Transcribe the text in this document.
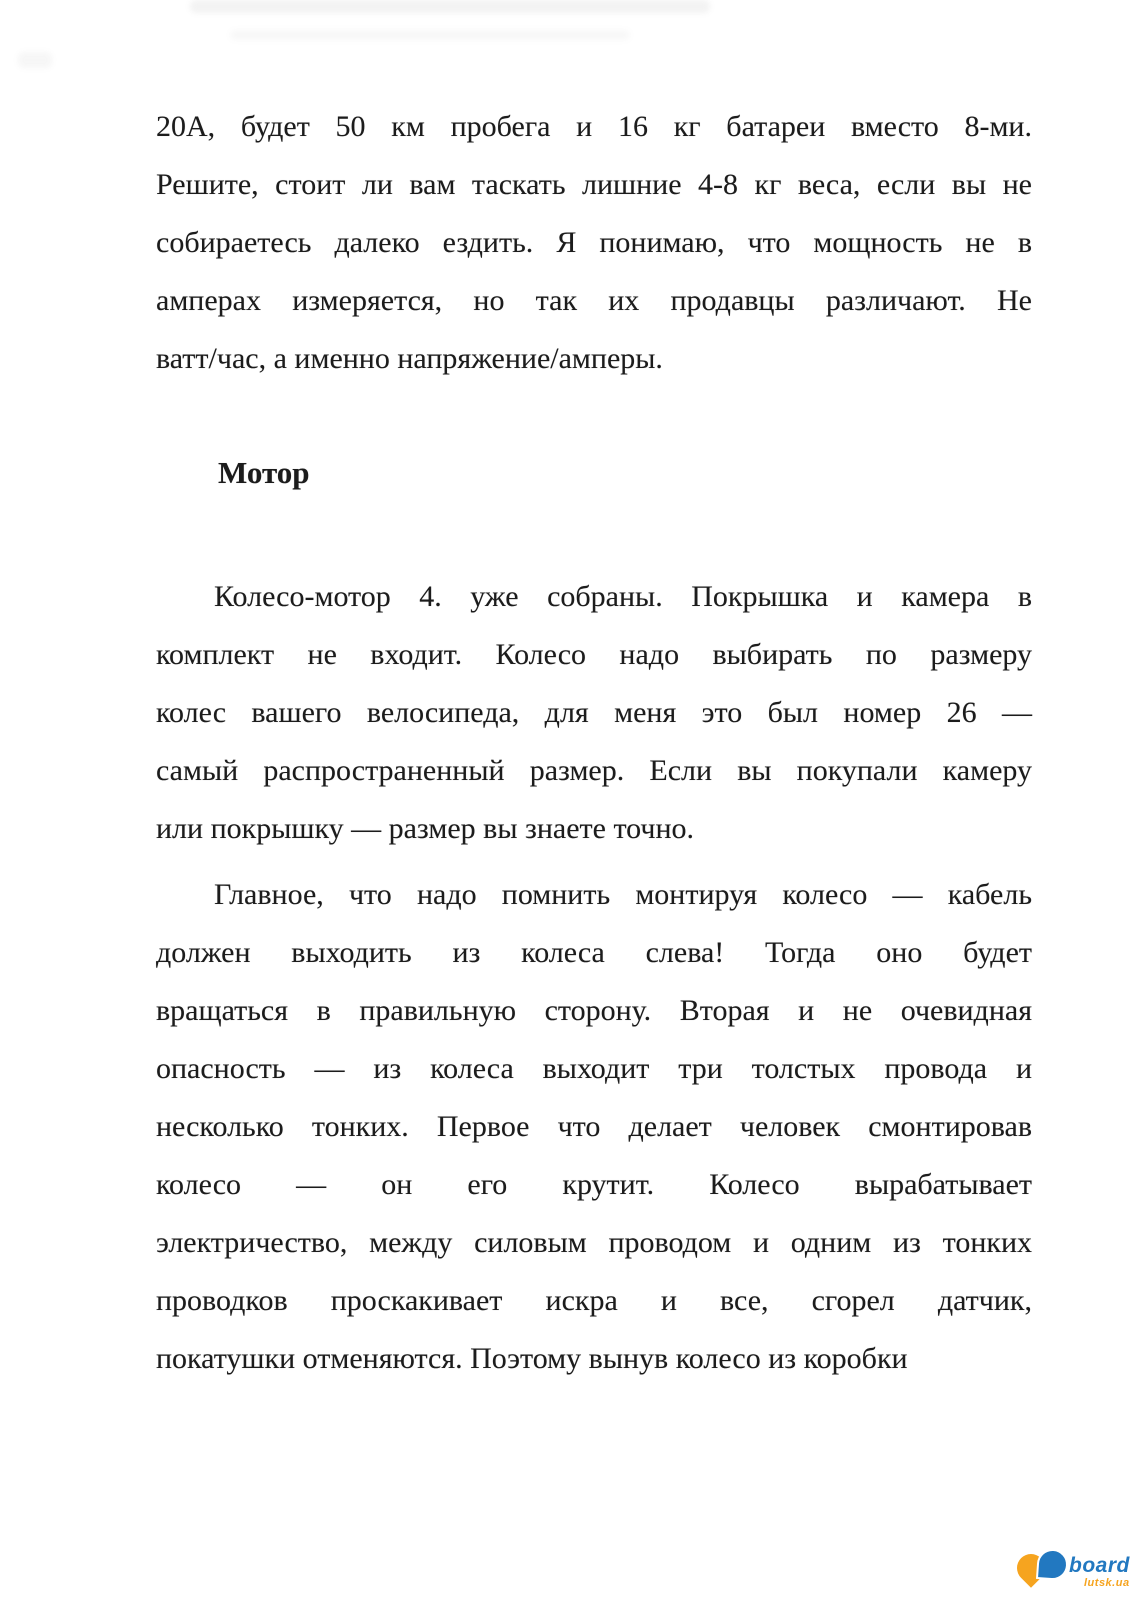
20А, будет 50 км пробега и 16 кг батареи вместо 8-ми.
Решите, стоит ли вам таскать лишние 4-8 кг веса, если вы не
собираетесь далеко ездить. Я понимаю, что мощность не в
амперах измеряется, но так их продавцы различают. Не
ватт/час, а именно напряжение/амперы.
Мотор
Колесо-мотор 4. уже собраны. Покрышка и камера в
комплект не входит. Колесо надо выбирать по размеру
колес вашего велосипеда, для меня это был номер 26 —
самый распространенный размер. Если вы покупали камеру
или покрышку — размер вы знаете точно.
Главное, что надо помнить монтируя колесо — кабель
должен выходить из колеса слева! Тогда оно будет
вращаться в правильную сторону. Вторая и не очевидная
опасность — из колеса выходит три толстых провода и
несколько тонких. Первое что делает человек смонтировав
колесо — он его крутит. Колесо вырабатывает
электричество, между силовым проводом и одним из тонких
проводков проскакивает искра и все, сгорел датчик,
покатушки отменяются. Поэтому вынув колесо из коробки
board
lutsk.ua
